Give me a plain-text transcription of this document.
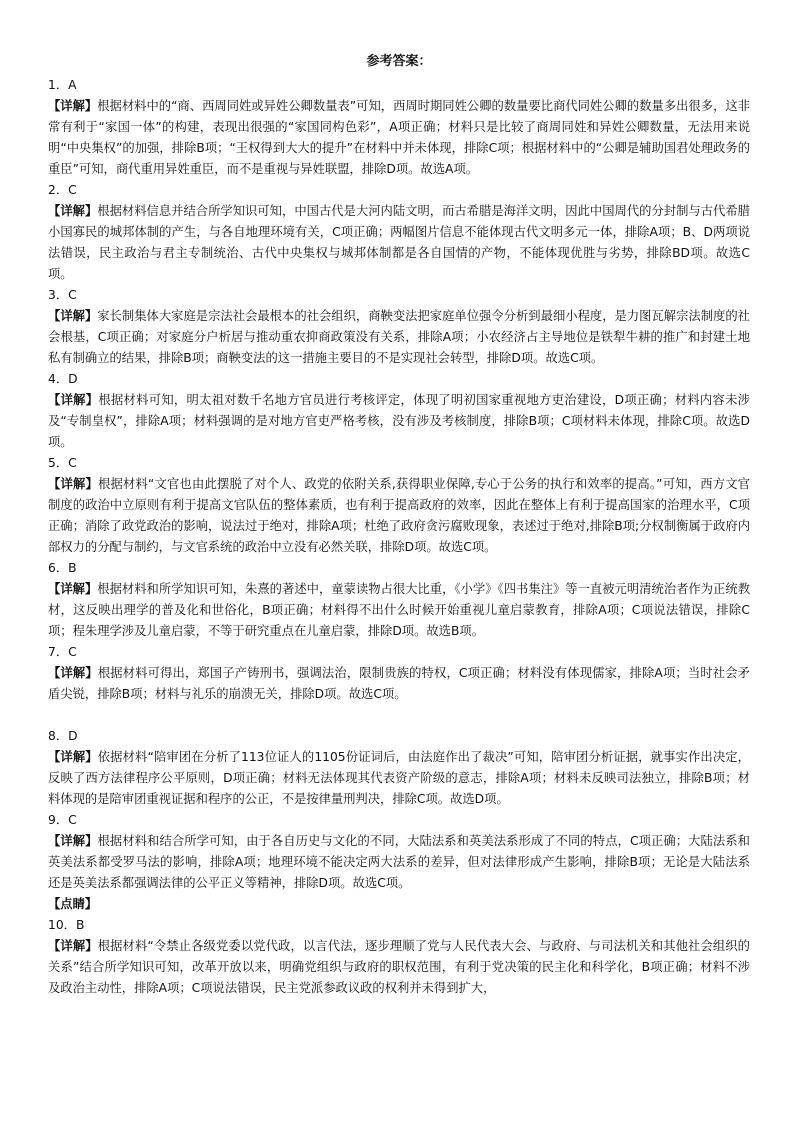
参考答案：
1．A

【详解】根据材料中的“商、西周同姓或异姓公卿数量表”可知，西周时期同姓公卿的数量要比商代同姓公卿的数量多出很多，这非常有利于“家国一体”的构建，表现出很强的“家国同构色彩”，A项正确；材料只是比较了商周同姓和异姓公卿数量，无法用来说明“中央集权”的加强，排除B项；“王权得到大大的提升”在材料中并未体现，排除C项；根据材料中的“公卿是辅助国君处理政务的重臣”可知，商代重用异姓重臣，而不是重视与异姓联盟，排除D项。故选A项。

2．C

【详解】根据材料信息并结合所学知识可知，中国古代是大河内陆文明，而古希腊是海洋文明，因此中国周代的分封制与古代希腊小国寡民的城邦体制的产生，与各自地理环境有关，C项正确；两幅图片信息不能体现古代文明多元一体，排除A项；B、D两项说法错误，民主政治与君主专制统治、古代中央集权与城邦体制都是各自国情的产物，不能体现优胜与劣势，排除BD项。故选C项。

3．C

【详解】家长制集体大家庭是宗法社会最根本的社会组织，商鞅变法把家庭单位强令分析到最细小程度，是力图瓦解宗法制度的社会根基，C项正确；对家庭分户析居与推动重农抑商政策没有关系，排除A项；小农经济占主导地位是铁犁牛耕的推广和封建土地私有制确立的结果，排除B项；商鞅变法的这一措施主要目的不是实现社会转型，排除D项。故选C项。

4．D

【详解】根据材料可知，明太祖对数千名地方官员进行考核评定，体现了明初国家重视地方吏治建设，D项正确；材料内容未涉及“专制皇权”，排除A项；材料强调的是对地方官吏严格考核，没有涉及考核制度，排除B项；C项材料未体现，排除C项。故选D项。

5．C

【详解】根据材料“文官也由此摆脱了对个人、政党的依附关系,获得职业保障,专心于公务的执行和效率的提高。”可知，西方文官制度的政治中立原则有利于提高文官队伍的整体素质，也有利于提高政府的效率，因此在整体上有利于提高国家的治理水平，C项正确；消除了政党政治的影响，说法过于绝对，排除A项；杜绝了政府贪污腐败现象，表述过于绝对,排除B项;分权制衡属于政府内部权力的分配与制约，与文官系统的政治中立没有必然关联，排除D项。故选C项。

6．B

【详解】根据材料和所学知识可知，朱熹的著述中，童蒙读物占很大比重，《小学》《四书集注》等一直被元明清统治者作为正统教材，这反映出理学的普及化和世俗化，B项正确；材料得不出什么时候开始重视儿童启蒙教育，排除A项；C项说法错误，排除C项；程朱理学涉及儿童启蒙，不等于研究重点在儿童启蒙，排除D项。故选B项。

7．C

【详解】根据材料可得出，郑国子产铸刑书，强调法治，限制贵族的特权，C项正确；材料没有体现儒家，排除A项；当时社会矛盾尖锐，排除B项；材料与礼乐的崩溃无关，排除D项。故选C项。

8．D

【详解】依据材料“陪审团在分析了113位证人的1105份证词后，由法庭作出了裁决”可知，陪审团分析证据，就事实作出决定，反映了西方法律程序公平原则，D项正确；材料无法体现其代表资产阶级的意志，排除A项；材料未反映司法独立，排除B项；材料体现的是陪审团重视证据和程序的公正，不是按律量刑判决，排除C项。故选D项。

9．C

【详解】根据材料和结合所学可知，由于各自历史与文化的不同，大陆法系和英美法系形成了不同的特点，C项正确；大陆法系和英美法系都受罗马法的影响，排除A项；地理环境不能决定两大法系的差异，但对法律形成产生影响，排除B项；无论是大陆法系还是英美法系都强调法律的公平正义等精神，排除D项。故选C项。

【点睛】
10．B

【详解】根据材料“令禁止各级党委以党代政，以言代法，逐步理顺了党与人民代表大会、与政府、与司法机关和其他社会组织的关系”结合所学知识可知，改革开放以来，明确党组织与政府的职权范围，有利于党决策的民主化和科学化，B项正确；材料不涉及政治主动性，排除A项；C项说法错误，民主党派参政议政的权利并未得到扩大，
